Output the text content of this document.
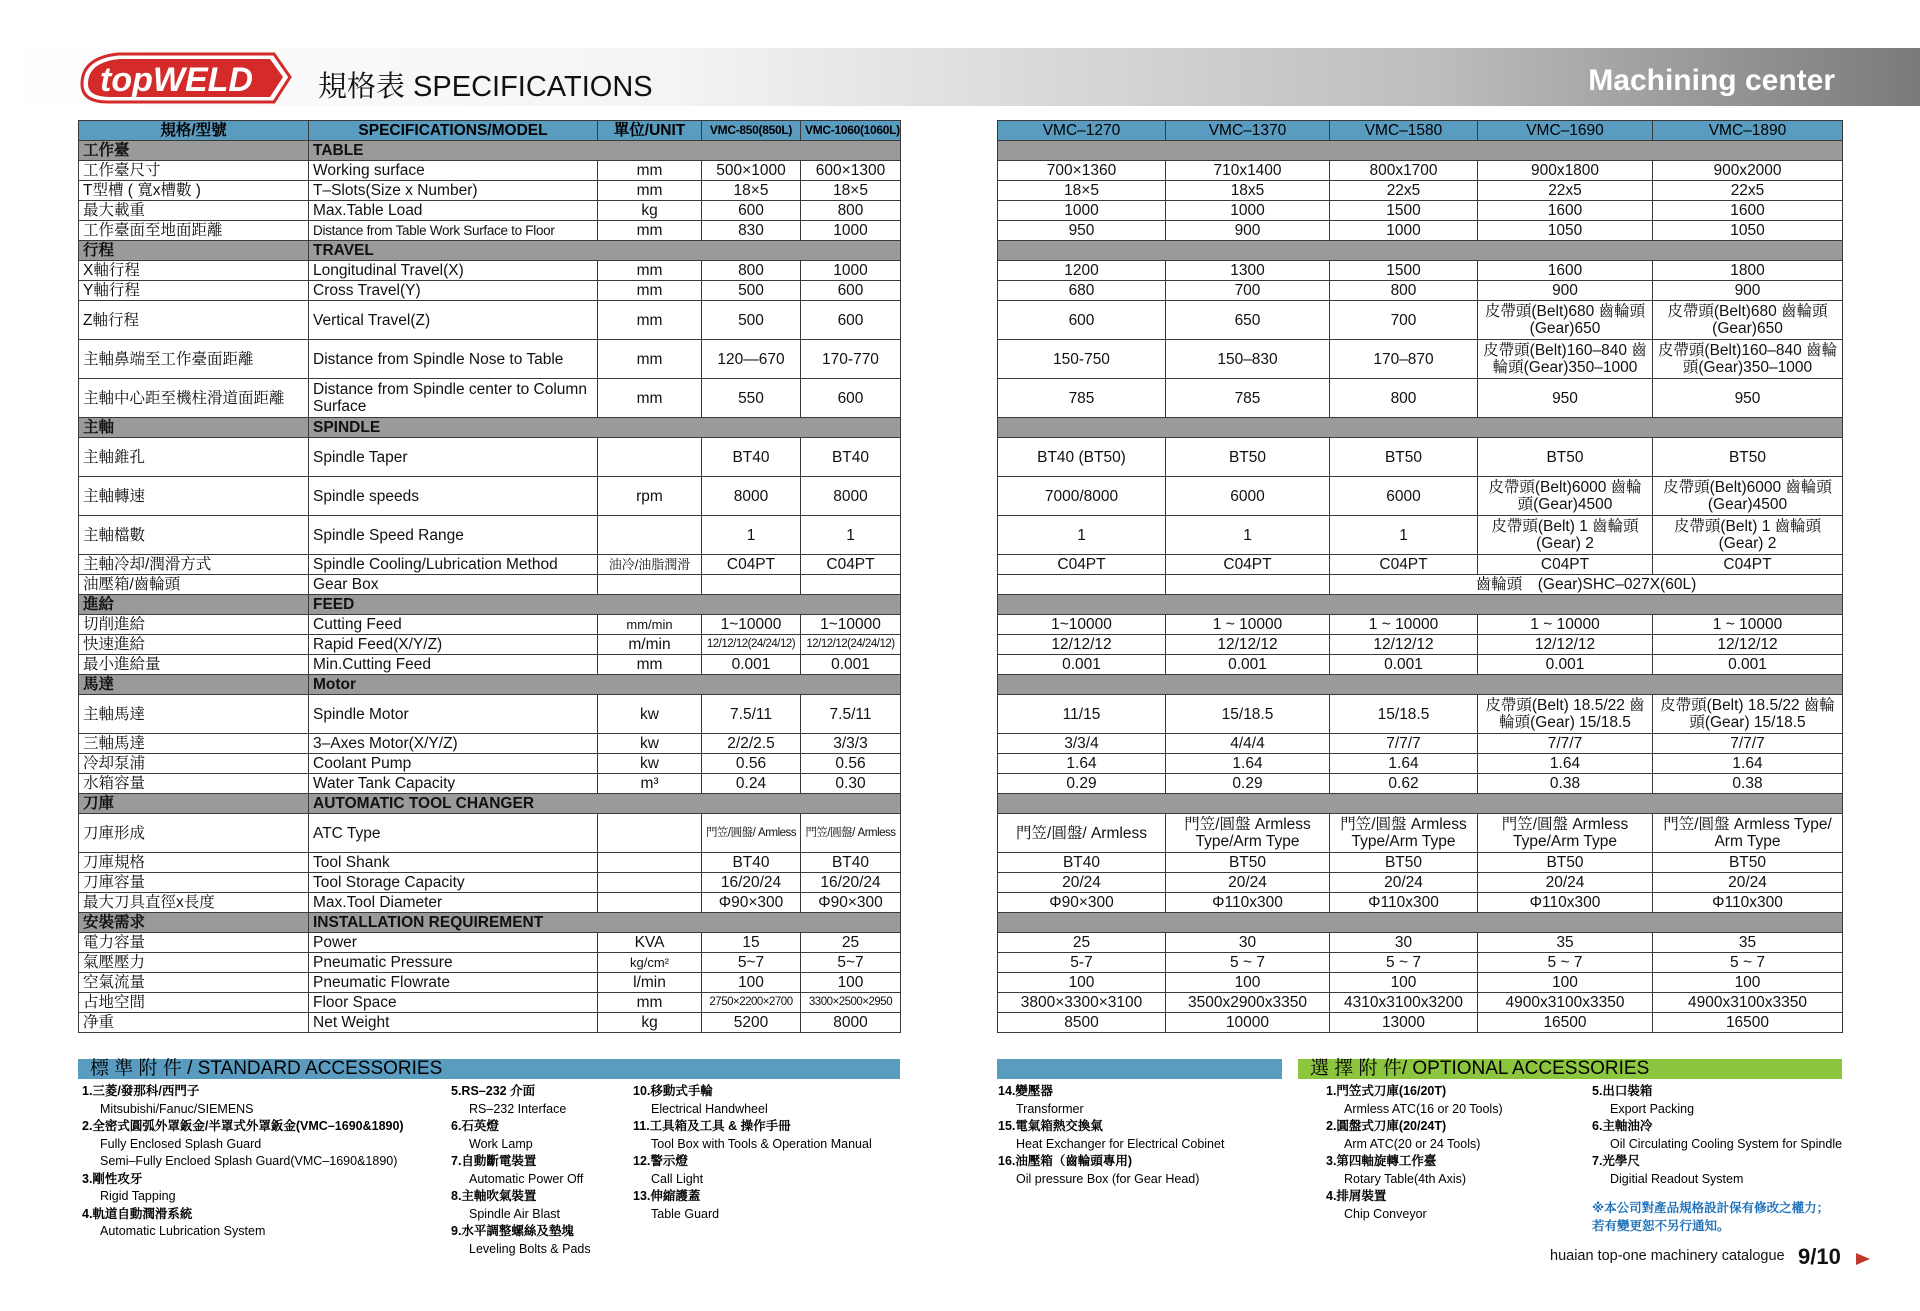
topWELD 規格表 SPECIFICATIONS	Machining center
規格/型號	SPECIFICATIONS/MODEL	單位/UNIT	VMC-850(850L)	VMC-1060(1060L)
工作臺	TABLE			
工作臺尺寸	Working surface	mm	500×1000	600×1300
T型槽 ( 寬x槽數 )	T–Slots(Size x Number)	mm	18×5	18×5
最大載重	Max.Table Load	kg	600	800
工作臺面至地面距離	Distance from Table Work Surface to Floor	mm	830	1000
行程	TRAVEL			
X軸行程	Longitudinal Travel(X)	mm	800	1000
Y軸行程	Cross Travel(Y)	mm	500	600
Z軸行程	Vertical Travel(Z)	mm	500	600
主軸鼻端至工作臺面距離	Distance from Spindle Nose to Table	mm	120—670	170-770
主軸中心距至機柱滑道面距離	Distance from Spindle center to Column Surface	mm	550	600
主軸	SPINDLE			
主軸錐孔	Spindle Taper		BT40	BT40
主軸轉速	Spindle speeds	rpm	8000	8000
主軸檔數	Spindle Speed Range		1	1
主軸冷却/潤滑方式	Spindle Cooling/Lubrication Method	油冷/油脂潤滑	C04PT	C04PT
油壓箱/齒輪頭	Gear Box			
進給	FEED			
切削進給	Cutting Feed	mm/min	1~10000	1~10000
快速進給	Rapid Feed(X/Y/Z)	m/min	12/12/12(24/24/12)	12/12/12(24/24/12)
最小進給量	Min.Cutting Feed	mm	0.001	0.001
馬達	Motor			
主軸馬達	Spindle Motor	kw	7.5/11	7.5/11
三軸馬達	3–Axes Motor(X/Y/Z)	kw	2/2/2.5	3/3/3
冷却泵浦	Coolant Pump	kw	0.56	0.56
水箱容量	Water Tank Capacity	m³	0.24	0.30
刀庫	AUTOMATIC TOOL CHANGER			
刀庫形成	ATC Type		門笠/圓盤/ Armless	門笠/圓盤/ Armless
刀庫規格	Tool Shank		BT40	BT40
刀庫容量	Tool Storage Capacity		16/20/24	16/20/24
最大刀具直徑x長度	Max.Tool Diameter		Φ90×300	Φ90×300
安裝需求	INSTALLATION REQUIREMENT			
電力容量	Power	KVA	15	25
氣壓壓力	Pneumatic Pressure	kg/cm²	5~7	5~7
空氣流量	Pneumatic Flowrate	l/min	100	100
占地空間	Floor Space	mm	2750×2200×2700	3300×2500×2950
净重	Net Weight	kg	5200	8000
VMC–1270	VMC–1370	VMC–1580	VMC–1690	VMC–1890

700×1360	710x1400	800x1700	900x1800	900x2000
18×5	18x5	22x5	22x5	22x5
1000	1000	1500	1600	1600
950	900	1000	1050	1050

1200	1300	1500	1600	1800
680	700	800	900	900
600	650	700	皮帶頭(Belt)680 齒輪頭(Gear)650	皮帶頭(Belt)680 齒輪頭(Gear)650
150-750	150–830	170–870	皮帶頭(Belt)160–840 齒輪頭(Gear)350–1000	皮帶頭(Belt)160–840 齒輪頭(Gear)350–1000
785	785	800	950	950

BT40 (BT50)	BT50	BT50	BT50	BT50
7000/8000	6000	6000	皮帶頭(Belt)6000 齒輪頭(Gear)4500	皮帶頭(Belt)6000 齒輪頭(Gear)4500
1	1	1	皮帶頭(Belt) 1 齒輪頭(Gear) 2	皮帶頭(Belt) 1 齒輪頭(Gear) 2
C04PT	C04PT	C04PT	C04PT	C04PT
		齒輪頭　(Gear)SHC–027X(60L)		

1~10000	1 ~ 10000	1 ~ 10000	1 ~ 10000	1 ~ 10000
12/12/12	12/12/12	12/12/12	12/12/12	12/12/12
0.001	0.001	0.001	0.001	0.001

11/15	15/18.5	15/18.5	皮帶頭(Belt) 18.5/22 齒輪頭(Gear) 15/18.5	皮帶頭(Belt) 18.5/22 齒輪頭(Gear) 15/18.5
3/3/4	4/4/4	7/7/7	7/7/7	7/7/7
1.64	1.64	1.64	1.64	1.64
0.29	0.29	0.62	0.38	0.38

門笠/圓盤/ Armless	門笠/圓盤 Armless Type/Arm Type	門笠/圓盤 Armless Type/Arm Type	門笠/圓盤 Armless Type/Arm Type	門笠/圓盤 Armless Type/ Arm Type
BT40	BT50	BT50	BT50	BT50
20/24	20/24	20/24	20/24	20/24
Φ90×300	Φ110x300	Φ110x300	Φ110x300	Φ110x300

25	30	30	35	35
5-7	5 ~ 7	5 ~ 7	5 ~ 7	5 ~ 7
100	100	100	100	100
3800×3300×3100	3500x2900x3350	4310x3100x3200	4900x3100x3350	4900x3100x3350
8500	10000	13000	16500	16500
標 準 附 件 / STANDARD ACCESSORIES	選 擇 附 件/ OPTIONAL ACCESSORIES
1.三菱/發那科/西門子
Mitsubishi/Fanuc/SIEMENS
2.全密式圓弧外罩鈑金/半罩式外罩鈑金(VMC–1690&1890)
Fully Enclosed Splash Guard
Semi–Fully Encloed Splash Guard(VMC–1690&1890)
3.剛性攻牙
Rigid Tapping
4.軌道自動潤滑系統
Automatic Lubrication System
5.RS–232 介面
RS–232 Interface
6.石英燈
Work Lamp
7.自動斷電裝置
Automatic Power Off
8.主軸吹氣裝置
Spindle Air Blast
9.水平調整螺絲及墊塊
Leveling Bolts & Pads
10.移動式手輪
Electrical Handwheel
11.工具箱及工具 & 操作手冊
Tool Box with Tools & Operation Manual
12.警示燈
Call Light
13.伸縮護蓋
Table Guard
14.變壓器
Transformer
15.電氣箱熱交換氣
Heat Exchanger for Electrical Cobinet
16.油壓箱（齒輪頭專用)
Oil pressure Box (for Gear Head)
1.門笠式刀庫(16/20T)
Armless ATC(16 or 20 Tools)
2.圓盤式刀庫(20/24T)
Arm ATC(20 or 24 Tools)
3.第四軸旋轉工作臺
Rotary Table(4th Axis)
4.排屑裝置
Chip Conveyor
5.出口裝箱
Export Packing
6.主軸油冷
Oil Circulating Cooling System for Spindle
7.光學尺
Digitial Readout System
※本公司對產品規格設計保有修改之權力；
若有變更恕不另行通知。
huaian top-one machinery catalogue 9/10
